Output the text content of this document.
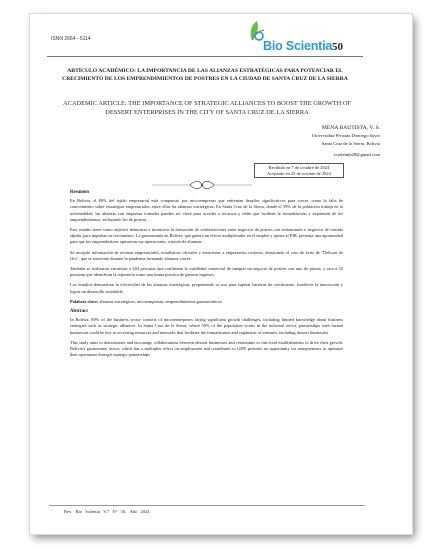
ISNN 2664 - 5114	Bio Scientia 50
ARTÍCULO ACADÉMICO: LA IMPORTANCIA DE LAS ALIANZAS ESTRATÉGICAS PARA POTENCIAR EL CRECIMIENTO DE LOS EMPRENDIMIENTOS DE POSTRES EN LA CIUDAD DE SANTA CRUZ DE LA SIERRA
ACADEMIC ARTICLE: THE IMPORTANCE OF STRATEGIC ALLIANCES TO BOOST THE GROWTH OF DESSERT ENTERPRISES IN THE CITY OF SANTA CRUZ DE LA SIERRA
MENA BAUTISTA, V. S.
Universidad Privada Domingo Savio
Santa Cruz de la Sierra, Bolivia
scarletmb28@gmail.com
Recibido en 7 de octubre de 2024
Aceptado en 23 de octubre de 2024
Resumen

En Bolivia, el 80% del tejido empresarial está compuesto por microempresas que enfrentan desafíos significativos para crecer, como la falta de conocimiento sobre estrategias empresariales, entre ellas las alianzas estratégicas. En Santa Cruz de la Sierra, donde el 59% de la población trabaja en la informalidad, las alianzas con empresas formales pueden ser clave para acceder a recursos y redes que faciliten la formalización y expansión de los emprendimientos, incluyendo los de postres.

Este estudio tiene como objetivo demostrar e incentivar la formación de colaboraciones entre negocios de postres con restaurantes o negocios de comida rápida, para impulsar su crecimiento. La gastronomía en Bolivia, que genera un efecto multiplicador en el empleo y aporta al PIB, presenta una oportunidad para que los emprendedores optimicen sus operaciones, a través de alianzas.

Se recopiló información de revistas empresariales, estadísticas oficiales y entrevistas a empresarios exitosos, destacando el caso de éxito de "Delicias de Oro", que se reinventó durante la pandemia formando alianzas claves.

También se realizaron encuestas a 284 personas que confirman la viabilidad comercial de integrar un negocio de postres con uno de pizzas, y otra a 35 personas que identifican la repostería como una forma práctica de generar ingresos.

Los estudios demuestran la efectividad de las alianzas estratégicas, proponiendo su uso para superar barreras de crecimiento, fortalecer la innovación y lograr un desarrollo sostenible.

Palabras clave: alianzas estratégicas, microempresas, emprendimientos gastronómicos

Abstract

In Bolivia, 80% of the business sector consists of microenterprises facing significant growth challenges, including limited knowledge about business strategies such as strategic alliances. In Santa Cruz de la Sierra, where 59% of the population works in the informal sector, partnerships with formal businesses could be key to accessing resources and networks that facilitate the formalization and expansion of ventures, including dessert businesses.

This study aims to demonstrate and encourage collaborations between dessert businesses and restaurants or fast-food establishments to drive their growth. Bolivia's gastronomy sector, which has a multiplier effect on employment and contributes to GDP, presents an opportunity for entrepreneurs to optimize their operations through strategic partnerships.

Rev. Bio Scientia V.7 N° 16. Año 2024
